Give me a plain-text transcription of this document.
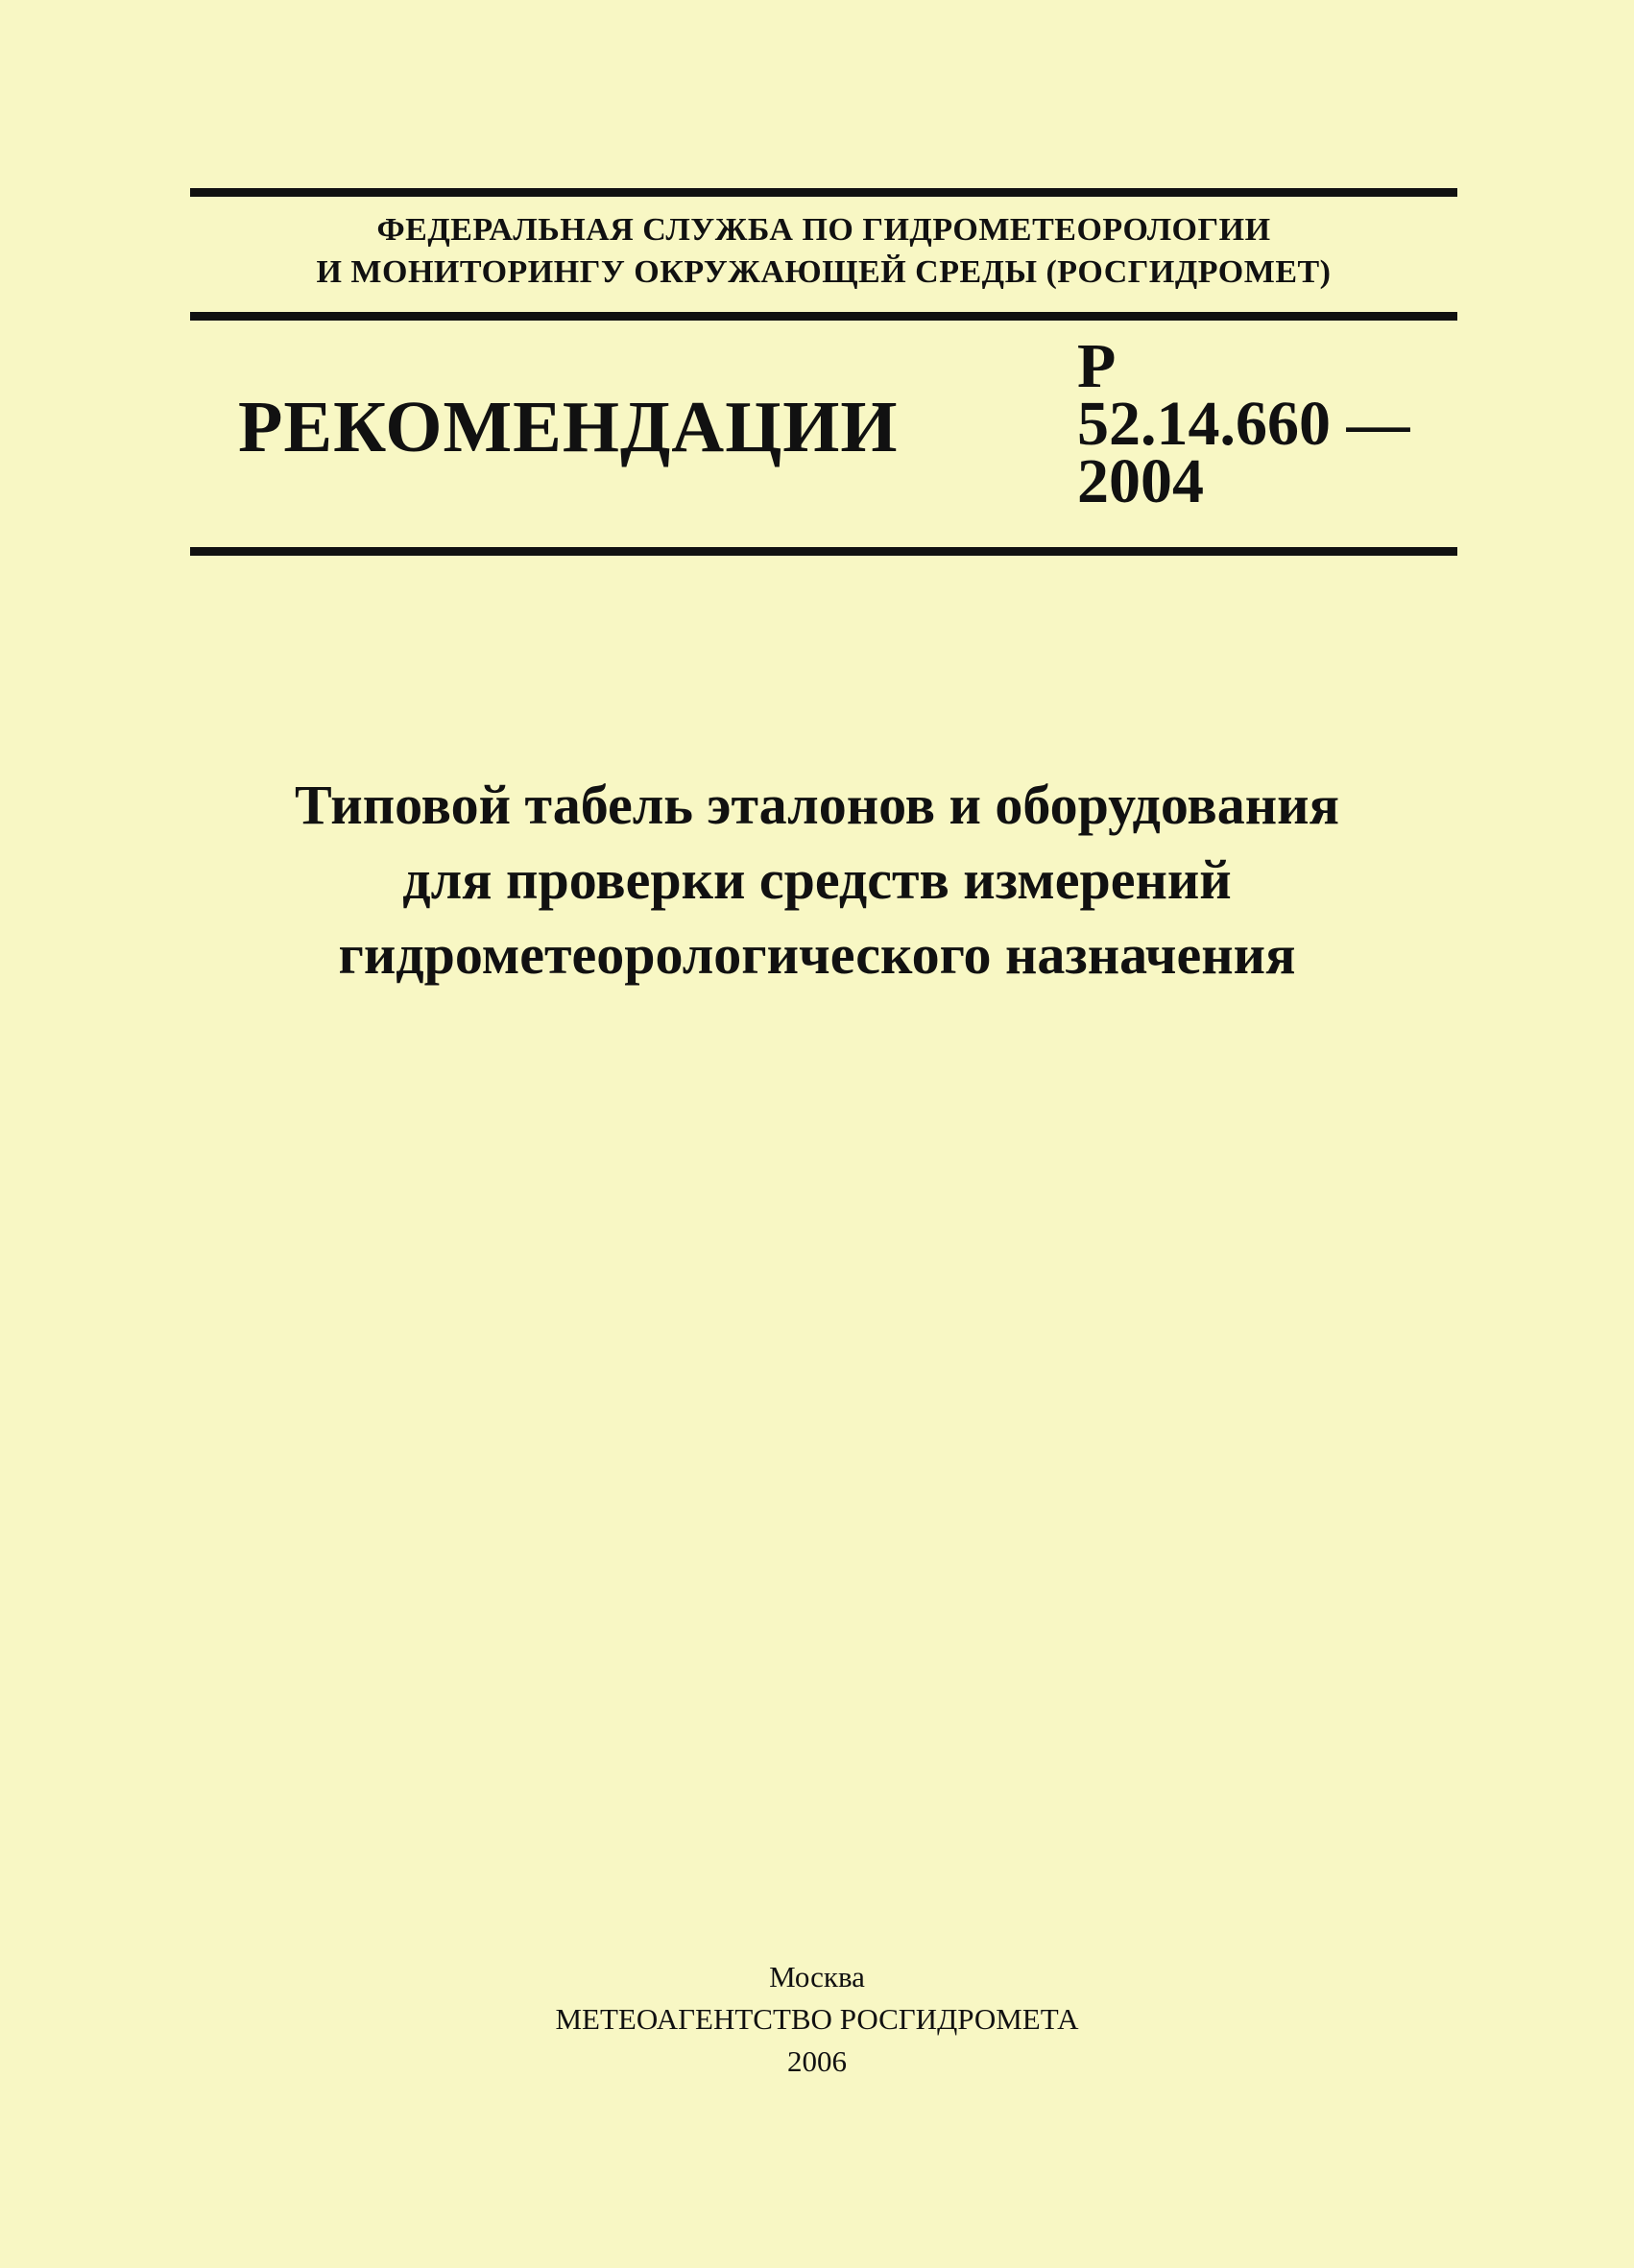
ФЕДЕРАЛЬНАЯ СЛУЖБА ПО ГИДРОМЕТЕОРОЛОГИИ
И МОНИТОРИНГУ ОКРУЖАЮЩЕЙ СРЕДЫ (РОСГИДРОМЕТ)
РЕКОМЕНДАЦИИ
Р
52.14.660 —
2004
Типовой табель эталонов и оборудования
для проверки средств измерений
гидрометеорологического назначения
Москва
МЕТЕОАГЕНТСТВО РОСГИДРОМЕТА
2006
